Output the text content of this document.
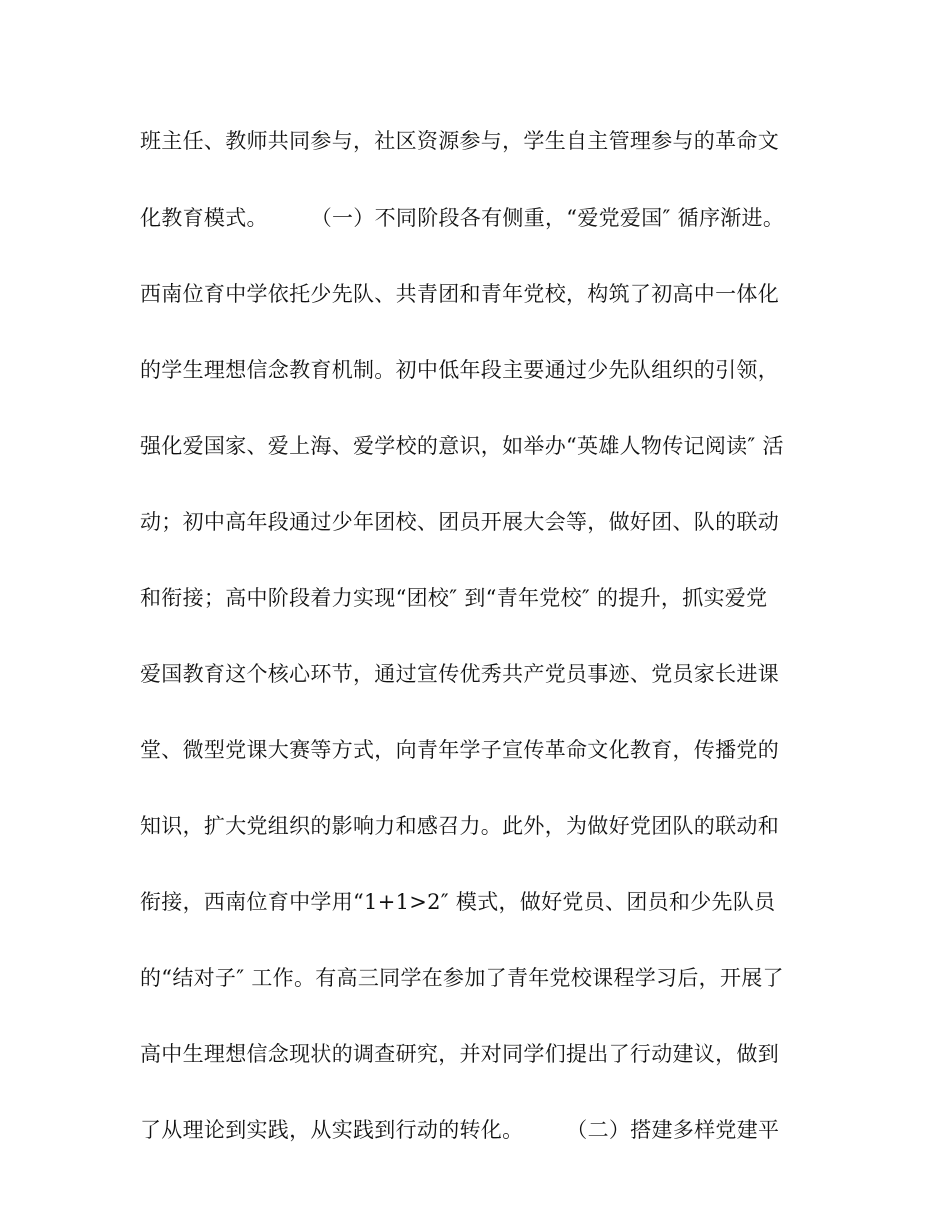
班主任、教师共同参与，社区资源参与，学生自主管理参与的革命文
化教育模式。　　　（一）不同阶段各有侧重，“爱党爱国″ 循序渐进。
西南位育中学依托少先队、共青团和青年党校，构筑了初高中一体化
的学生理想信念教育机制。初中低年段主要通过少先队组织的引领，
强化爱国家、爱上海、爱学校的意识，如举办“英雄人物传记阅读″ 活
动；初中高年段通过少年团校、团员开展大会等，做好团、队的联动
和衔接；高中阶段着力实现“团校″ 到“青年党校″ 的提升，抓实爱党
爱国教育这个核心环节，通过宣传优秀共产党员事迹、党员家长进课
堂、微型党课大赛等方式，向青年学子宣传革命文化教育，传播党的
知识，扩大党组织的影响力和感召力。此外，为做好党团队的联动和
衔接，西南位育中学用“1+1>2″ 模式，做好党员、团员和少先队员
的“结对子″ 工作。有高三同学在参加了青年党校课程学习后，开展了
高中生理想信念现状的调查研究，并对同学们提出了行动建议，做到
了从理论到实践，从实践到行动的转化。　　　（二）搭建多样党建平
